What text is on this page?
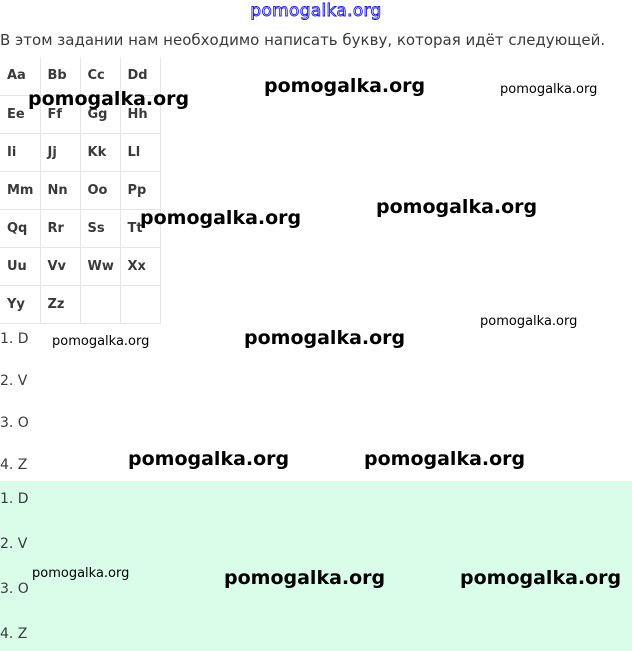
pomogalka.org
В этом задании нам необходимо написать букву, которая идёт следующей.
Aa	Bb	Cc	Dd
Ee	Ff	Gg	Hh
Ii	Jj	Kk	Ll
Mm	Nn	Oo	Pp
Qq	Rr	Ss	Tt
Uu	Vv	Ww	Xx
Yy	Zz		
1. D
2. V
3. O
4. Z
1. D
2. V
3. O
4. Z
pomogalka.org
pomogalka.org	pomogalka.org
pomogalka.org	pomogalka.org
pomogalka.org	pomogalka.org
pomogalka.org
pomogalka.org	pomogalka.org
pomogalka.org	pomogalka.org	pomogalka.org
